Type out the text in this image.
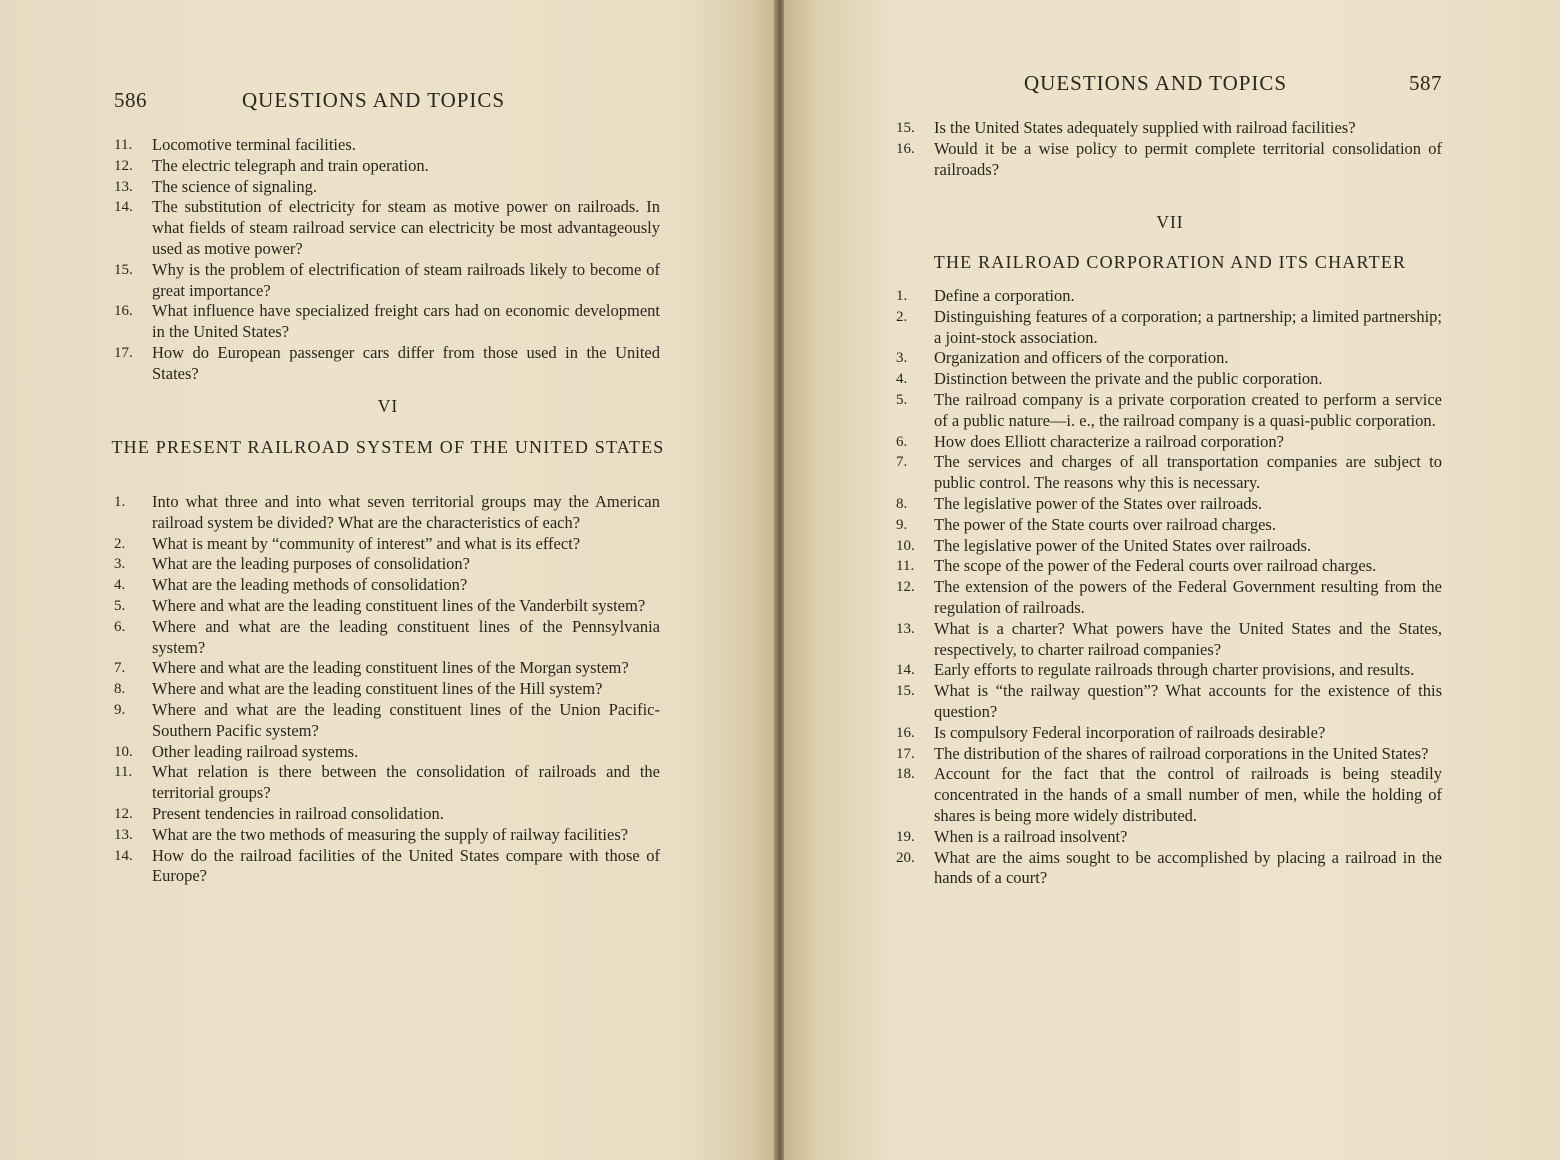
586	QUESTIONS AND TOPICS
11.	Locomotive terminal facilities.
12.	The electric telegraph and train operation.
13.	The science of signaling.
14.	The substitution of electricity for steam as motive power on railroads. In what fields of steam railroad service can electricity be most advantageously used as motive power?
15.	Why is the problem of electrification of steam railroads likely to become of great importance?
16.	What influence have specialized freight cars had on economic development in the United States?
17.	How do European passenger cars differ from those used in the United States?
VI
THE PRESENT RAILROAD SYSTEM OF THE UNITED STATES
1.	Into what three and into what seven territorial groups may the American railroad system be divided? What are the characteristics of each?
2.	What is meant by “community of interest” and what is its effect?
3.	What are the leading purposes of consolidation?
4.	What are the leading methods of consolidation?
5.	Where and what are the leading constituent lines of the Vanderbilt system?
6.	Where and what are the leading constituent lines of the Pennsylvania system?
7.	Where and what are the leading constituent lines of the Morgan system?
8.	Where and what are the leading constituent lines of the Hill system?
9.	Where and what are the leading constituent lines of the Union Pacific-Southern Pacific system?
10.	Other leading railroad systems.
11.	What relation is there between the consolidation of railroads and the territorial groups?
12.	Present tendencies in railroad consolidation.
13.	What are the two methods of measuring the supply of railway facilities?
14.	How do the railroad facilities of the United States compare with those of Europe?
QUESTIONS AND TOPICS	587
15.	Is the United States adequately supplied with railroad facilities?
16.	Would it be a wise policy to permit complete territorial consolidation of railroads?
VII
THE RAILROAD CORPORATION AND ITS CHARTER
1.	Define a corporation.
2.	Distinguishing features of a corporation; a partnership; a limited partnership; a joint-stock association.
3.	Organization and officers of the corporation.
4.	Distinction between the private and the public corporation.
5.	The railroad company is a private corporation created to perform a service of a public nature—i. e., the railroad company is a quasi-public corporation.
6.	How does Elliott characterize a railroad corporation?
7.	The services and charges of all transportation companies are subject to public control. The reasons why this is necessary.
8.	The legislative power of the States over railroads.
9.	The power of the State courts over railroad charges.
10.	The legislative power of the United States over railroads.
11.	The scope of the power of the Federal courts over railroad charges.
12.	The extension of the powers of the Federal Government resulting from the regulation of railroads.
13.	What is a charter? What powers have the United States and the States, respectively, to charter railroad companies?
14.	Early efforts to regulate railroads through charter provisions, and results.
15.	What is “the railway question”? What accounts for the existence of this question?
16.	Is compulsory Federal incorporation of railroads desirable?
17.	The distribution of the shares of railroad corporations in the United States?
18.	Account for the fact that the control of railroads is being steadily concentrated in the hands of a small number of men, while the holding of shares is being more widely distributed.
19.	When is a railroad insolvent?
20.	What are the aims sought to be accomplished by placing a railroad in the hands of a court?
